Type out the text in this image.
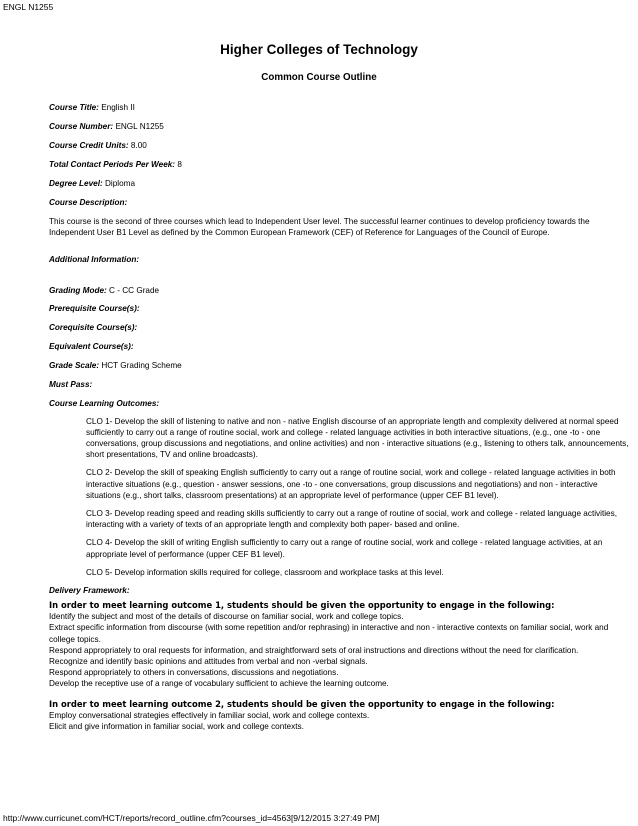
ENGL N1255
Higher Colleges of Technology
Common Course Outline
Course Title: English II
Course Number: ENGL N1255
Course Credit Units: 8.00
Total Contact Periods Per Week: 8
Degree Level: Diploma
Course Description:

This course is the second of three courses which lead to Independent User level. The successful learner continues to develop proficiency towards the Independent User B1 Level as defined by the Common European Framework (CEF) of Reference for Languages of the Council of Europe.

Additional Information:
Grading Mode: C - CC Grade
Prerequisite Course(s):
Corequisite Course(s):
Equivalent Course(s):
Grade Scale: HCT Grading Scheme
Must Pass:
Course Learning Outcomes:

CLO 1- Develop the skill of listening to native and non - native English discourse of an appropriate length and complexity delivered at normal speed sufficiently to carry out a range of routine social, work and college - related language activities in both interactive situations, (e.g., one -to - one conversations, group discussions and negotiations, and online activities) and non - interactive situations (e.g., listening to others talk, announcements, short presentations, TV and online broadcasts).

CLO 2- Develop the skill of speaking English sufficiently to carry out a range of routine social, work and college - related language activities in both interactive situations (e.g., question - answer sessions, one -to - one conversations, group discussions and negotiations) and non - interactive situations (e.g., short talks, classroom presentations) at an appropriate level of performance (upper CEF B1 level).

CLO 3- Develop reading speed and reading skills sufficiently to carry out a range of routine of social, work and college - related language activities, interacting with a variety of texts of an appropriate length and complexity both paper- based and online.

CLO 4- Develop the skill of writing English sufficiently to carry out a range of routine social, work and college - related language activities, at an appropriate level of performance (upper CEF B1 level).

CLO 5- Develop information skills required for college, classroom and workplace tasks at this level.

Delivery Framework:
In order to meet learning outcome 1, students should be given the opportunity to engage in the following:
Identify the subject and most of the details of discourse on familiar social, work and college topics.
Extract specific information from discourse (with some repetition and/or rephrasing) in interactive and non - interactive contexts on familiar social, work and college topics.
Respond appropriately to oral requests for information, and straightforward sets of oral instructions and directions without the need for clarification.
Recognize and identify basic opinions and attitudes from verbal and non -verbal signals.
Respond appropriately to others in conversations, discussions and negotiations.
Develop the receptive use of a range of vocabulary sufficient to achieve the learning outcome.
In order to meet learning outcome 2, students should be given the opportunity to engage in the following:
Employ conversational strategies effectively in familiar social, work and college contexts.
Elicit and give information in familiar social, work and college contexts.
http://www.curricunet.com/HCT/reports/record_outline.cfm?courses_id=4563[9/12/2015 3:27:49 PM]
